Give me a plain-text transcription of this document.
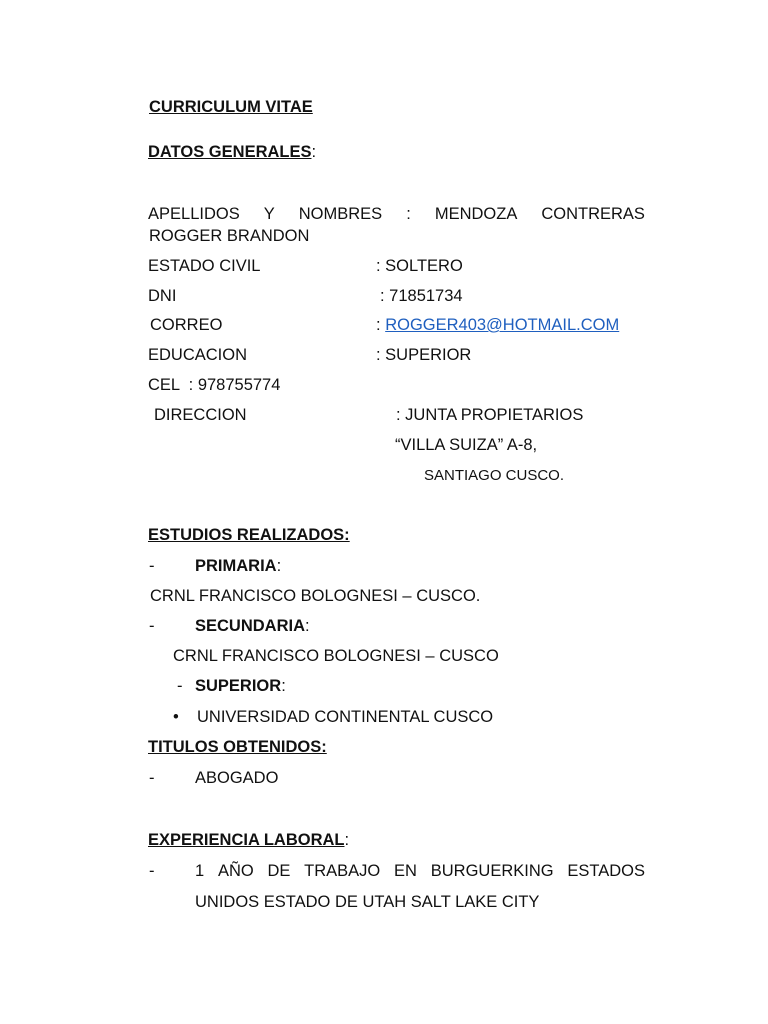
CURRICULUM VITAE
DATOS GENERALES:
APELLIDOS Y NOMBRES : MENDOZA CONTRERAS
ROGGER BRANDON
ESTADO CIVIL	: SOLTERO
DNI	: 71851734
CORREO	: ROGGER403@HOTMAIL.COM
EDUCACION	: SUPERIOR
CEL  : 978755774
DIRECCION	: JUNTA PROPIETARIOS
“VILLA SUIZA” A-8,
SANTIAGO CUSCO.
ESTUDIOS REALIZADOS:
- PRIMARIA:
CRNL FRANCISCO BOLOGNESI – CUSCO.
- SECUNDARIA:
CRNL FRANCISCO BOLOGNESI – CUSCO
- SUPERIOR:
• UNIVERSIDAD CONTINENTAL CUSCO
TITULOS OBTENIDOS:
- ABOGADO
EXPERIENCIA LABORAL:
- 1 AÑO DE TRABAJO EN BURGUERKING ESTADOS
UNIDOS ESTADO DE UTAH SALT LAKE CITY
